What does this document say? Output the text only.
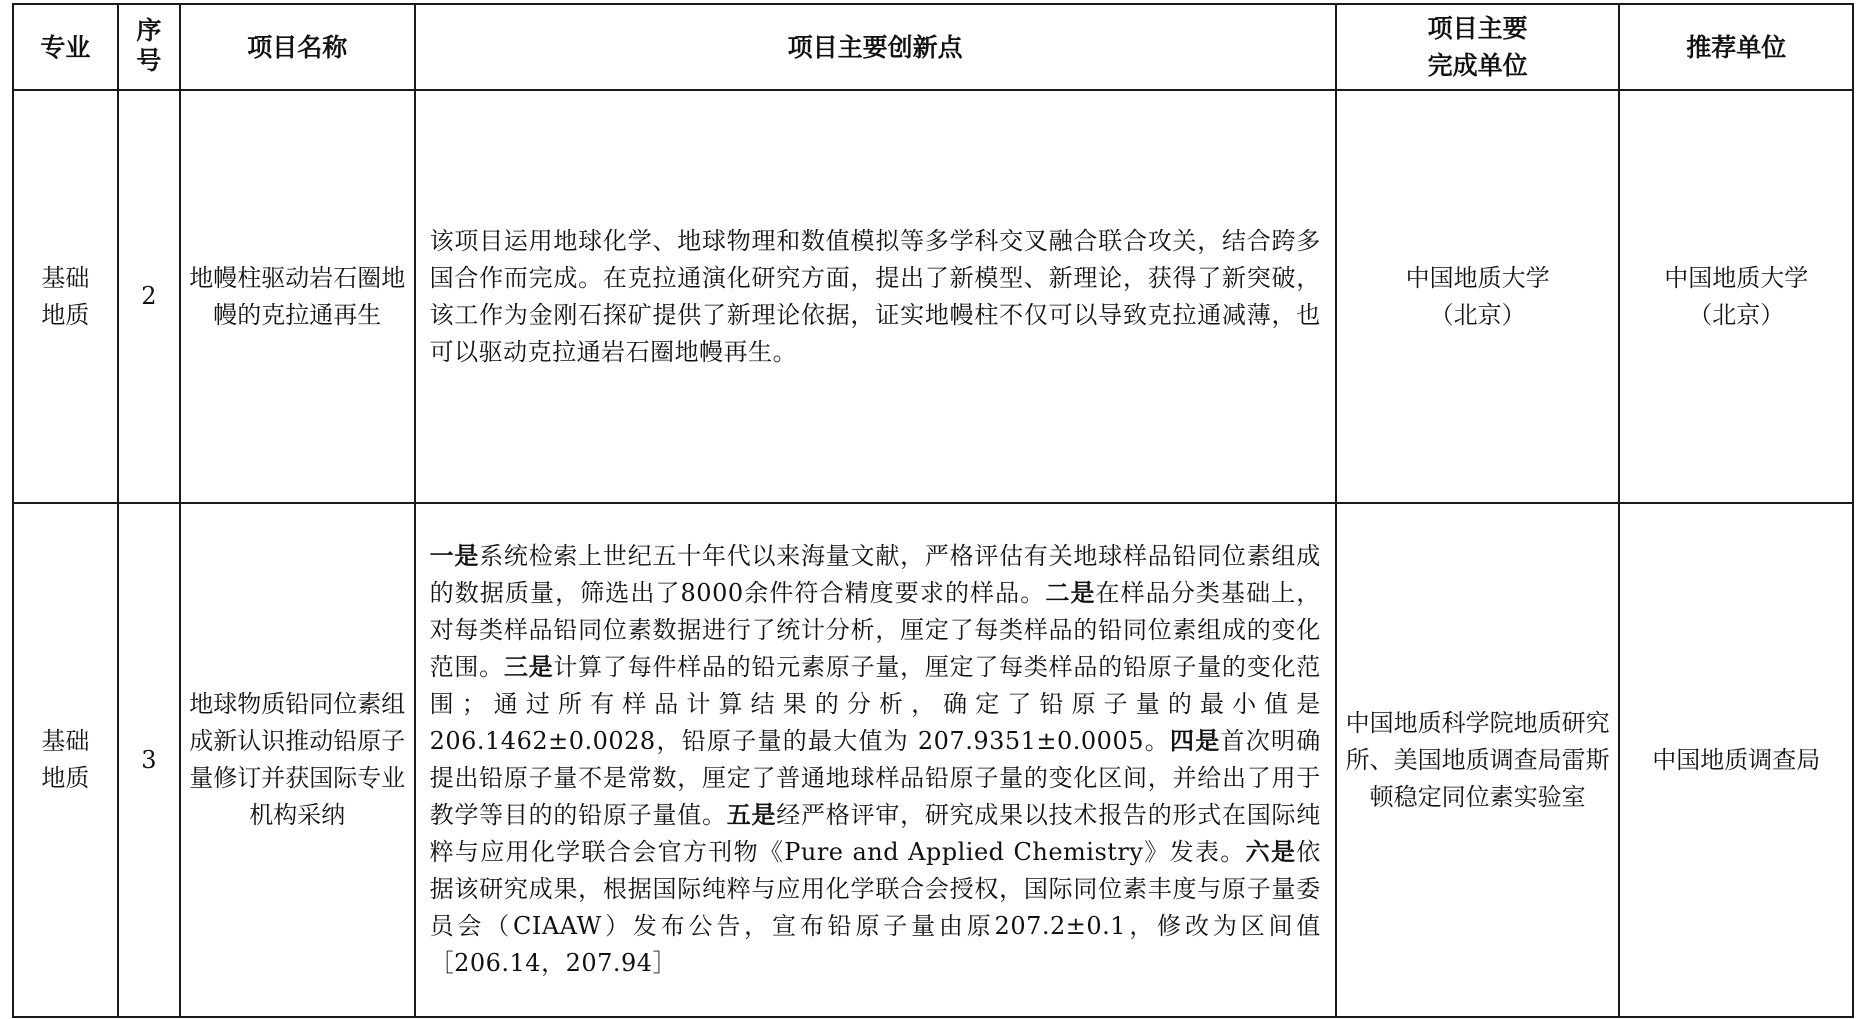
专业	序号	项目名称	项目主要创新点	项目主要
完成单位	推荐单位

基础地质	2	地幔柱驱动岩石圈地幔的克拉通再生	该项目运用地球化学、地球物理和数值模拟等多学科交叉融合联合攻关，结合跨多国合作而完成。在克拉通演化研究方面，提出了新模型、新理论，获得了新突破，该工作为金刚石探矿提供了新理论依据，证实地幔柱不仅可以导致克拉通减薄，也可以驱动克拉通岩石圈地幔再生。	中国地质大学（北京）	中国地质大学（北京）

基础地质	3	地球物质铅同位素组成新认识推动铅原子量修订并获国际专业机构采纳	一是系统检索上世纪五十年代以来海量文献，严格评估有关地球样品铅同位素组成的数据质量，筛选出了8000余件符合精度要求的样品。二是在样品分类基础上，对每类样品铅同位素数据进行了统计分析，厘定了每类样品的铅同位素组成的变化范围。三是计算了每件样品的铅元素原子量，厘定了每类样品的铅原子量的变化范围；通过所有样品计算结果的分析，确定了铅原子量的最小值是206.1462±0.0028，铅原子量的最大值为 207.9351±0.0005。四是首次明确提出铅原子量不是常数，厘定了普通地球样品铅原子量的变化区间，并给出了用于教学等目的的铅原子量值。五是经严格评审，研究成果以技术报告的形式在国际纯粹与应用化学联合会官方刊物《Pure and Applied Chemistry》发表。六是依据该研究成果，根据国际纯粹与应用化学联合会授权，国际同位素丰度与原子量委员会（CIAAW）发布公告，宣布铅原子量由原207.2±0.1，修改为区间值［206.14，207.94］	中国地质科学院地质研究所、美国地质调查局雷斯顿稳定同位素实验室	中国地质调查局
